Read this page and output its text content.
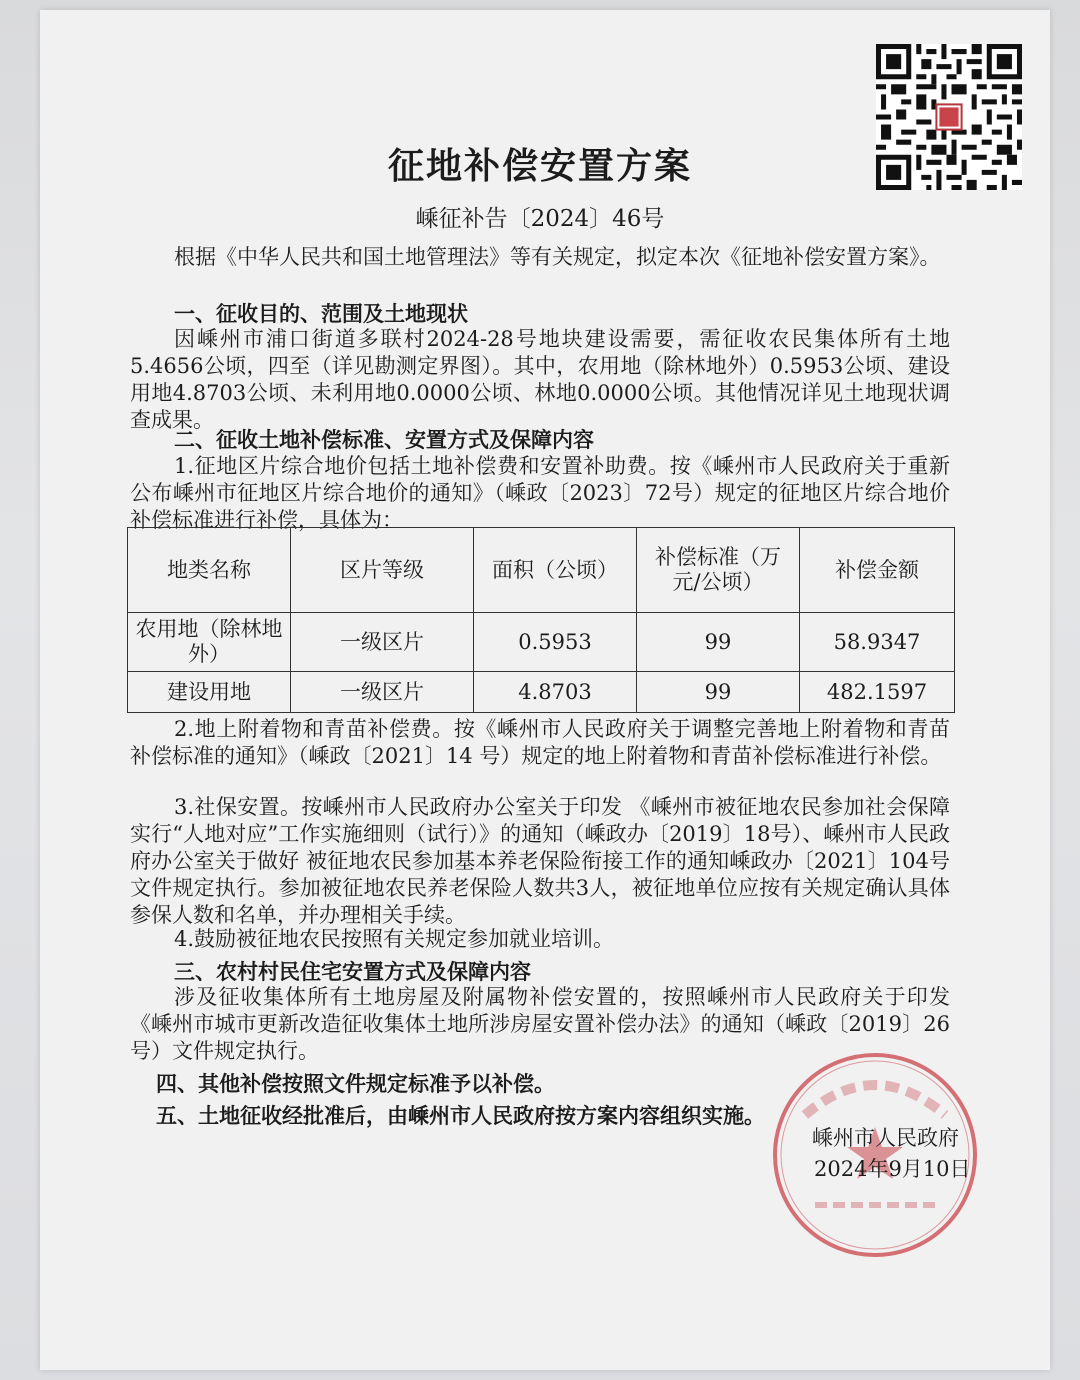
征地补偿安置方案
嵊征补告〔2024〕46号
根据《中华人民共和国土地管理法》等有关规定，拟定本次《征地补偿安置方案》。
一、征收目的、范围及土地现状
因嵊州市浦口街道多联村2024-28号地块建设需要，需征收农民集体所有土地5.4656公顷，四至（详见勘测定界图）。其中，农用地（除林地外）0.5953公顷、建设用地4.8703公顷、未利用地0.0000公顷、林地0.0000公顷。其他情况详见土地现状调查成果。
二、征收土地补偿标准、安置方式及保障内容
1.征地区片综合地价包括土地补偿费和安置补助费。按《嵊州市人民政府关于重新公布嵊州市征地区片综合地价的通知》（嵊政〔2023〕72号）规定的征地区片综合地价补偿标准进行补偿，具体为：
地类名称	区片等级	面积（公顷）	补偿标准（万元/公顷）	补偿金额
农用地（除林地外）	一级区片	0.5953	99	58.9347
建设用地	一级区片	4.8703	99	482.1597
2.地上附着物和青苗补偿费。按《嵊州市人民政府关于调整完善地上附着物和青苗补偿标准的通知》（嵊政〔2021〕14 号）规定的地上附着物和青苗补偿标准进行补偿。
3.社保安置。按嵊州市人民政府办公室关于印发 《嵊州市被征地农民参加社会保障实行“人地对应”工作实施细则（试行）》的通知（嵊政办〔2019〕18号）、嵊州市人民政府办公室关于做好 被征地农民参加基本养老保险衔接工作的通知嵊政办〔2021〕104号文件规定执行。参加被征地农民养老保险人数共3人，被征地单位应按有关规定确认具体参保人数和名单，并办理相关手续。
4.鼓励被征地农民按照有关规定参加就业培训。
三、农村村民住宅安置方式及保障内容
涉及征收集体所有土地房屋及附属物补偿安置的，按照嵊州市人民政府关于印发《嵊州市城市更新改造征收集体土地所涉房屋安置补偿办法》的通知（嵊政〔2019〕26 号）文件规定执行。
四、其他补偿按照文件规定标准予以补偿。
五、土地征收经批准后，由嵊州市人民政府按方案内容组织实施。
嵊州市人民政府
2024年9月10日
